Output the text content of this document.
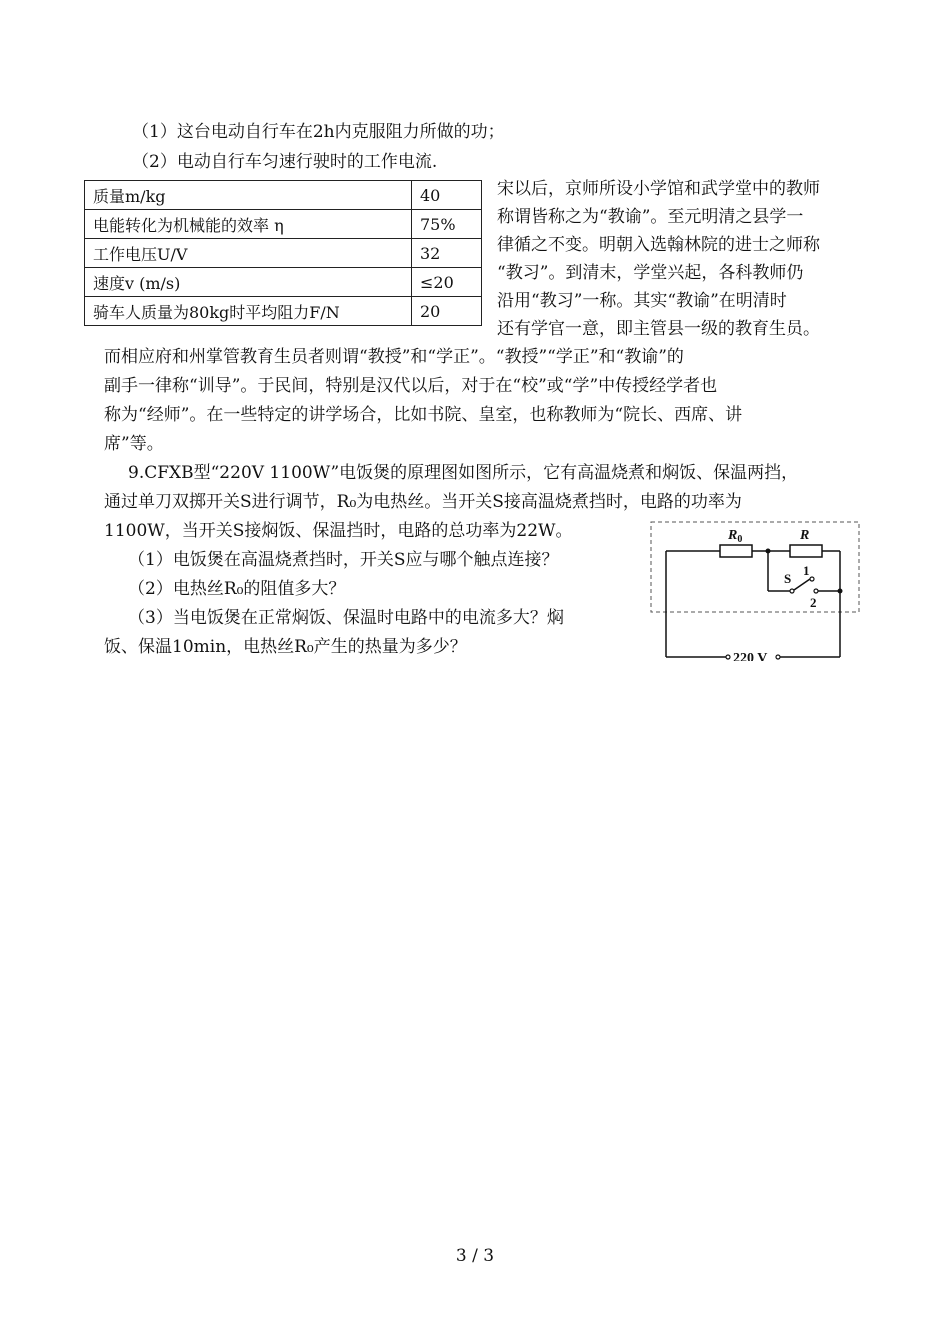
（1）这台电动自行车在2h内克服阻力所做的功；
（2）电动自行车匀速行驶时的工作电流.
质量m/kg	40
电能转化为机械能的效率 η	75%
工作电压U/V	32
速度v (m/s)	≤20
骑车人质量为80kg时平均阻力F/N	20
宋以后，京师所设小学馆和武学堂中的教师
称谓皆称之为“教谕”。至元明清之县学一
律循之不变。明朝入选翰林院的进士之师称
“教习”。到清末，学堂兴起，各科教师仍
沿用“教习”一称。其实“教谕”在明清时
还有学官一意，即主管县一级的教育生员。
而相应府和州掌管教育生员者则谓“教授”和“学正”。“教授”“学正”和“教谕”的
副手一律称“训导”。于民间，特别是汉代以后，对于在“校”或“学”中传授经学者也
称为“经师”。在一些特定的讲学场合，比如书院、皇室，也称教师为“院长、西席、讲
席”等。
9.CFXB型“220V 1100W”电饭煲的原理图如图所示，它有高温烧煮和焖饭、保温两挡，
通过单刀双掷开关S进行调节，R₀为电热丝。当开关S接高温烧煮挡时，电路的功率为
1100W，当开关S接焖饭、保温挡时，电路的总功率为22W。
（1）电饭煲在高温烧煮挡时，开关S应与哪个触点连接？
（2）电热丝R₀的阻值多大？
（3）当电饭煲在正常焖饭、保温时电路中的电流多大？焖
饭、保温10min，电热丝R₀产生的热量为多少？
$R_0$	R
S
1
2
220 V
3 / 3
